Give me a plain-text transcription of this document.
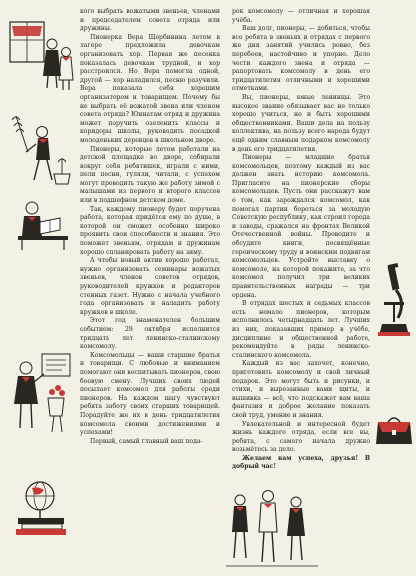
кого выбрать вожатыми звеньев, членами и председателем совета отряда или дружины.

Пионерка Вера Щербинина летом в лагере предложила девочкам организовать хор. Первая же песенка показалась девочкам трудной, и хор расстроился. Но Вера помогла одной, другой — хор наладился, песню разучили. Вера показала себя хорошим организатором и товарищем. Почему бы не выбрать её вожатой звена или членом совета отряда? Юннатам отряд и дружина может поручить озеленить классы и коридоры школы, руководить посадкой молоденьких деревцев в школьном дворе.

Пионеры, которые летом работали на детской площадке во дворе, собирали вокруг себя ребятишек, играли с ними, пели песни, гуляли, читали, с успехом могут проводить такую же работу зимой с малышами из первого и второго классов или в подшефном детском доме.

Так, каждому пионеру будет поручена работа, которая придётся ему по душе, в которой он сможет особенно широко проявить свои способности и знания. Это поможет звеньям, отрядам и дружинам хорошо спланировать работу на зиму.

А чтобы новый актив хорошо работал, нужно организовать семинары вожатых звеньев, членов советов отрядов, руководителей кружков и редакторов стенных газет. Нужно с начала учебного года организовать и наладить работу кружков в школе.

Этот год знаменателен большим событием: 29 октября исполнится тридцать лет ленинско-сталинскому комсомолу.

Комсомольцы — ваши старшие братья и товарищи. С любовью и вниманием помогают они воспитывать пионеров, свою боевую смену. Лучших своих людей посылает комсомол для работы среди пионеров. На каждом шагу чувствуют ребята заботу своих старших товарищей. Порадуйте же их в день тридцатилетия комсомола своими достижениями и успехами!

Первый, самый главный ваш пода-

рок комсомолу — отличная и хорошая учёба.

Ваш долг, пионеры, — добиться, чтобы все ребята в звеньях и отрядах с первого же дня занятий учились ровно, без перебоев, настойчиво и упорно. Дело чести каждого звена и отряда — рапортовать комсомолу в день его тридцатилетия отличными и хорошими отметками.

Вы, пионеры, юные ленинцы. Это высокое звание обязывает вас не только хорошо учиться, но и быть хорошими общественниками. Ваши дела на пользу коллектива, на пользу всего народа будут ещё одним славным подарком комсомолу в день его тридцатилетия.

Пионеры — младшие братья комсомольцев, поэтому каждый из вас должен знать историю комсомола. Пригласите на пионерские сборы комсомольцев. Пусть они расскажут вам о том, как зарождался комсомол, как помогал партии бороться за молодую Советскую республику, как строил города и заводы, сражался на фронтах Великой Отечественной войны. Проводите и обсудите книги, посвящённые героическому труду и воинским подвигам комсомольцев. Устройте выставку о комсомоле, на которой покажите, за что комсомол получил три великих правительственных награды — три ордена.

В отрядах шестых и седьмых классов есть немало пионеров, которым исполнилось четырнадцать лет. Лучших из них, показавших пример в учёбе, дисциплине и общественной работе, рекомендуйте в ряды ленинско-сталинского комсомола.

Каждый из вас захочет, конечно, приготовить комсомолу и свой личный подарок. Это могут быть и рисунки, и стихи, и вырезанные вами щиты, и вышивка — всё, что подскажет вам ваша фантазия и доброе желание показать свой труд, умение и знания.

Увлекательной и интересной будет жизнь каждого отряда, если все вы, ребята, с самого начала дружно возьмётесь за дело.

Желаем вам успеха, друзья! В добрый час!
